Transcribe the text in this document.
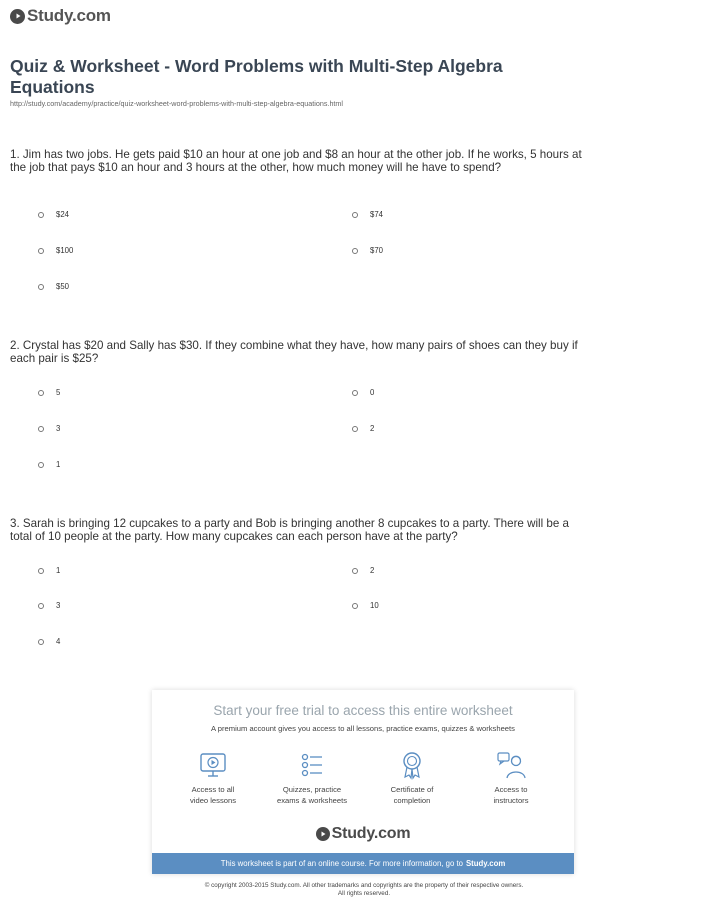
Study.com
Quiz & Worksheet - Word Problems with Multi-Step Algebra Equations
http://study.com/academy/practice/quiz-worksheet-word-problems-with-multi-step-algebra-equations.html
1. Jim has two jobs. He gets paid $10 an hour at one job and $8 an hour at the other job. If he works, 5 hours at the job that pays $10 an hour and 3 hours at the other, how much money will he have to spend?
$24	$74
$100	$70
$50
2. Crystal has $20 and Sally has $30. If they combine what they have, how many pairs of shoes can they buy if each pair is $25?
5	0
3	2
1
3. Sarah is bringing 12 cupcakes to a party and Bob is bringing another 8 cupcakes to a party. There will be a total of 10 people at the party. How many cupcakes can each person have at the party?
1	2
3	10
4
Start your free trial to access this entire worksheet
A premium account gives you access to all lessons, practice exams, quizzes & worksheets
Access to all
video lessons
Quizzes, practice
exams & worksheets
Certificate of
completion
Access to
instructors
Study.com
This worksheet is part of an online course. For more information, go to Study.com
© copyright 2003-2015 Study.com. All other trademarks and copyrights are the property of their respective owners.
All rights reserved.
